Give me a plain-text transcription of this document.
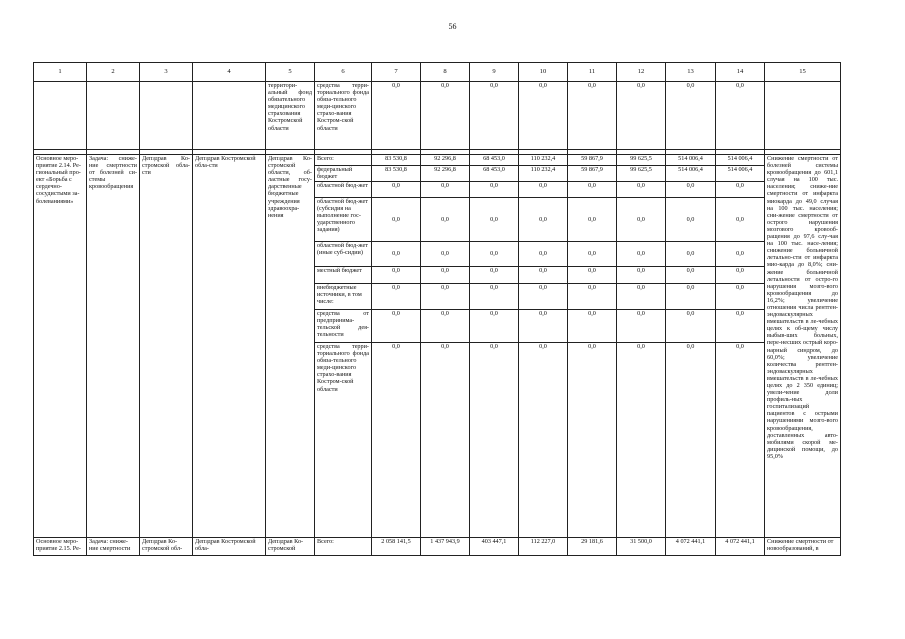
56
1	2	3	4	5	6	7	8	9	10	11	12	13	14	15
				территори-альный фонд обязательного медицинского страхования Костромской области	средства терри-ториального фонда обяза-тельного меди-цинского страхо-вания Костром-ской области	0,0	0,0	0,0	0,0	0,0	0,0	0,0	0,0	

Основное меро-приятие 2.14. Ре-гиональный про-ект «Борьба с сердечно-сосудистыми за-болеваниями»	Задача: сниже-ние смертности от болезней си-стемы кровообращения	Депздрав Ко-стромской обла-сти	Депздрав Костромской обла-сти	Депздрав Ко-стромской области, об-ластные госу-дарственные бюджетные учреждения здравоохра-нения	Всего:	83 530,8	92 296,8	68 453,0	110 232,4	59 867,9	99 625,5	514 006,4	514 006,4	Снижение смертности от болезней системы кровообращения до 601,1 случая на 100 тыс. населения; сниже-ние смертности от инфаркта миокарда до 49,0 случая на 100 тыс. населения; сни-жение смертности от острого нарушения мозгового кровооб-ращения до 97,6 слу-чая на 100 тыс. насе-ления; снижение больничной летально-сти от инфаркта мио-карда до 8,0%; сни-жение больничной летальности от остро-го нарушения мозго-вого кровообращения до 16,2%; увеличение отношения числа рентген-эндоваскулярных вмешательств в ле-чебных целях к об-щему числу выбыв-ших больных, пере-несших острый коро-нарный синдром, до 60,0%; увеличение количества рентген-эндоваскулярных вмешательств в ле-чебных целях до 2 350 единиц; увели-чение доли профиль-ных госпитализаций пациентов с острыми нарушениями мозго-вого кровообращения, доставленных авто-мобилями скорой ме-дицинской помощи, до 95,0%
					федеральный бюджет	83 530,8	92 296,8	68 453,0	110 232,4	59 867,9	99 625,5	514 006,4	514 006,4	
					областной бюд-жет	0,0	0,0	0,0	0,0	0,0	0,0	0,0	0,0	
					областной бюд-жет (субсидия на выполнение гос-ударственного задания)	0,0	0,0	0,0	0,0	0,0	0,0	0,0	0,0	
					областной бюд-жет (иные суб-сидии)	0,0	0,0	0,0	0,0	0,0	0,0	0,0	0,0	
					местный бюджет	0,0	0,0	0,0	0,0	0,0	0,0	0,0	0,0	
					внебюджетные источники, в том числе:	0,0	0,0	0,0	0,0	0,0	0,0	0,0	0,0	
					средства от предпринима-тельской дея-тельности	0,0	0,0	0,0	0,0	0,0	0,0	0,0	0,0	
					средства терри-ториального фонда обяза-тельного меди-цинского страхо-вания Костром-ской области	0,0	0,0	0,0	0,0	0,0	0,0	0,0	0,0	
Основное меро-приятие 2.15. Ре-	Задача: сниже-ние смертности	Депздрав Ко-стромской обл-	Депздрав Костромской обла-	Депздрав Ко-стромской	Всего:	2 058 141,5	1 437 943,9	403 447,1	112 227,0	29 181,6	31 500,0	4 072 441,1	4 072 441,1	Снижение смертности от новообразований, в
